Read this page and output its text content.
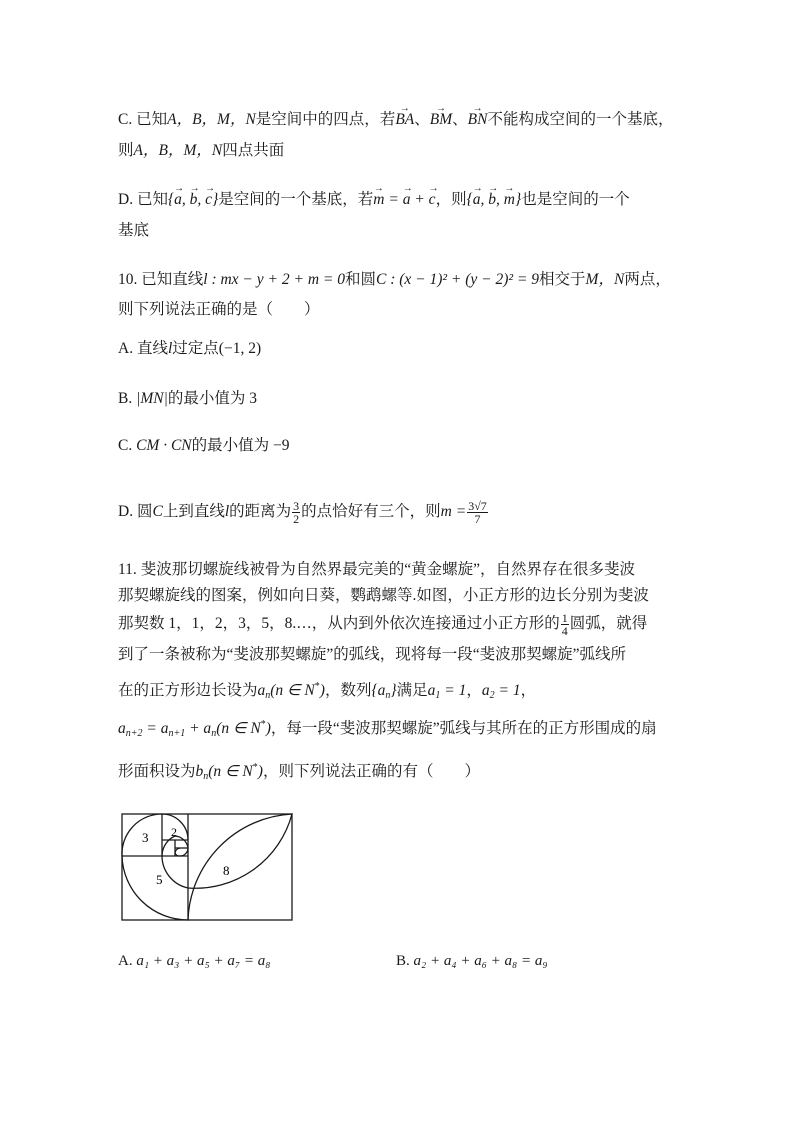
C. 已知A，B，M，N是空间中的四点，若→ BA、→ BM、→ BN不能构成空间的一个基底，
则A，B，M，N四点共面
D. 已知{→ a, → b, → c}是空间的一个基底，若→ m = → a + → c，则{→ a, → b, → m}也是空间的一个
基底
10. 已知直线l : mx − y + 2 + m = 0和圆C : (x − 1)² + (y − 2)² = 9相交于M，N两点，
则下列说法正确的是（　　）
A. 直线l过定点(−1, 2)
B. |MN|的最小值为 3
C. CM · CN的最小值为 −9
D. 圆C上到直线l的距离为 $\frac{3}{2}$ 的点恰好有三个，则$m = \frac{3√7}{7}$
11. 斐波那切螺旋线被骨为自然界最完美的“黄金螺旋”，自然界存在很多斐波
那契螺旋线的图案，例如向日葵，鹦鹉螺等.如图，小正方形的边长分别为斐波
那契数 1，1，2，3，5，8.…，从内到外依次连接通过小正方形的 $\frac{1}{4}$ 圆弧，就得
到了一条被称为“斐波那契螺旋”的弧线，现将每一段“斐波那契螺旋”弧线所
在的正方形边长设为$a_n(n$ ∈ N*)，数列$\{a_n\}$满足$a_1 = 1$，$a_2 = 1$，
$a_{n+2} = a_{n+1} + a_n(n$ ∈ N*)，每一段“斐波那契螺旋”弧线与其所在的正方形围成的扇
形面积设为$b_n(n$ ∈ N*)，则下列说法正确的有（　　）
3 2
5
8
A. a₁ + a₃ + a₅ + a₇ = a₈	B. a₂ + a₄ + a₆ + a₈ = a₉
